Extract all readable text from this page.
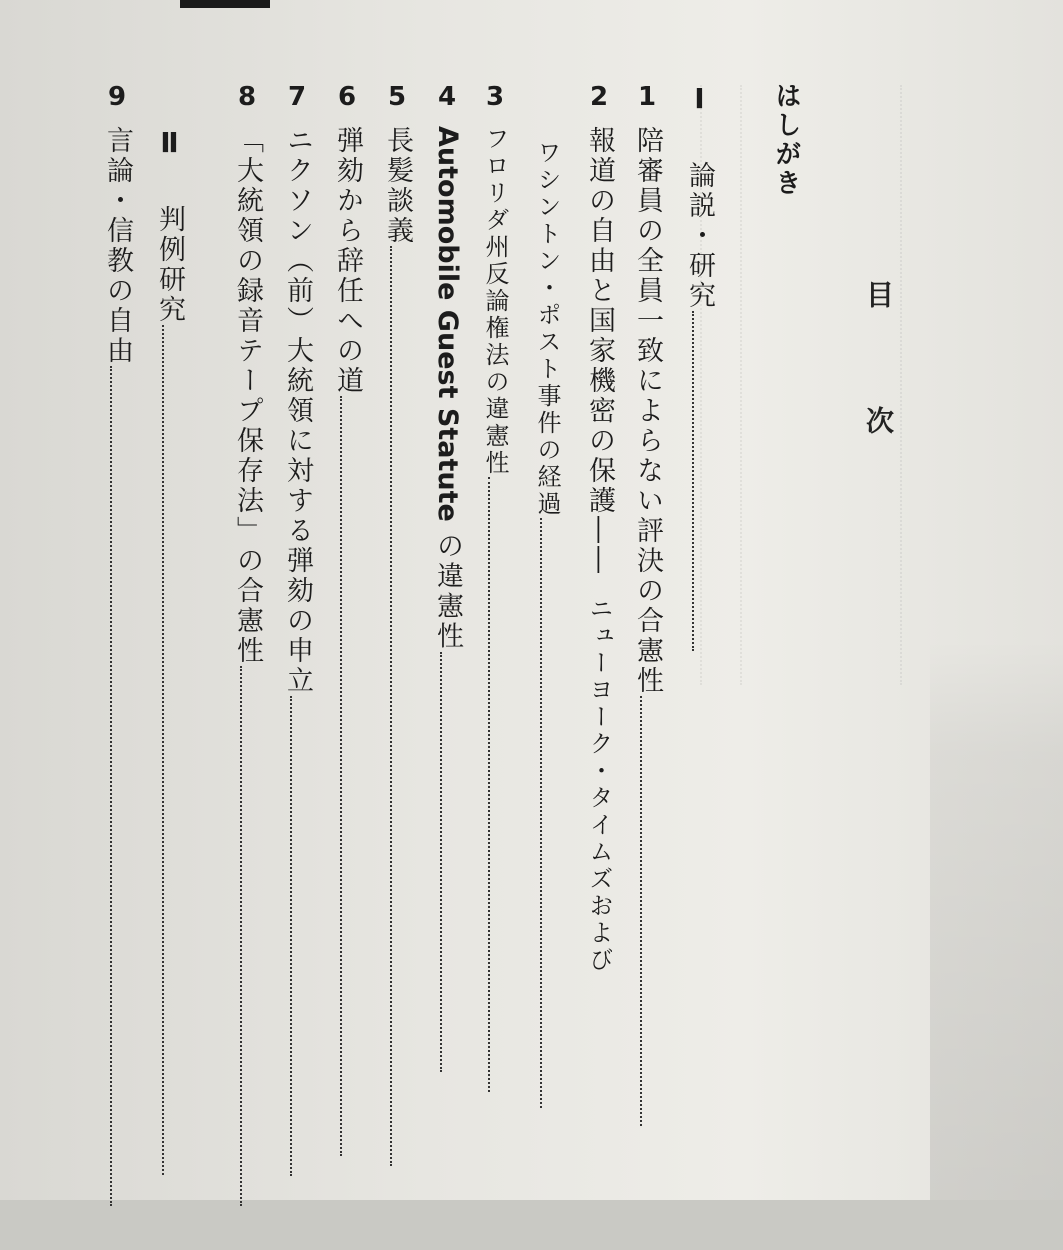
目次
はしがき
Ⅰ論説・研究
1陪審員の全員一致によらない評決の合憲性
2報道の自由と国家機密の保護――ニューヨーク・タイムズおよび
ワシントン・ポスト事件の経過
3フロリダ州反論権法の違憲性
4Automobile Guest Statuteの違憲性
5長髪談義
6弾劾から辞任への道
7ニクソン（前）大統領に対する弾劾の申立
8「大統領の録音テープ保存法」の合憲性
Ⅱ判例研究
9言論・信教の自由
